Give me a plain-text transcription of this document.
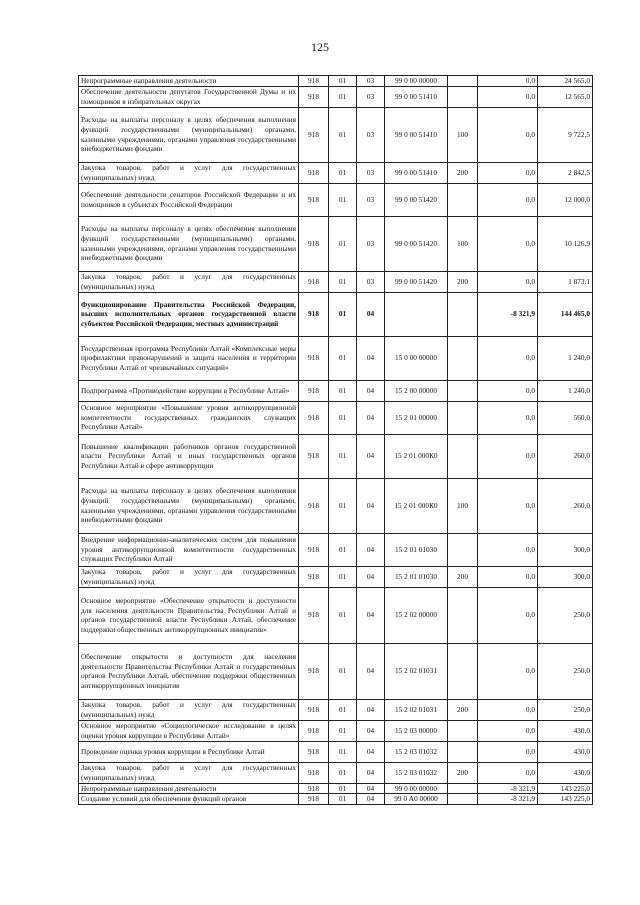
125
Непрограммные направления деятельности	918	01	03	99 0 00 00000		0,0	24 565,0
Обеспечение деятельности депутатов Государственной Думы и их помощников в избирательных округах	918	01	03	99 0 00 51410		0,0	12 565,0
Расходы на выплаты персоналу в целях обеспечения выполнения функций государственными (муниципальными) органами, казенными учреждениями, органами управления государственными внебюджетными фондами	918	01	03	99 0 00 51410	100	0,0	9 722,5
Закупка товаров, работ и услуг для государственных (муниципальных) нужд	918	01	03	99 0 00 51410	200	0,0	2 842,5
Обеспечение деятельности сенаторов Российской Федерации и их помощников в субъектах Российской Федерации	918	01	03	99 0 00 51420		0,0	12 000,0
Расходы на выплаты персоналу в целях обеспечения выполнения функций государственными (муниципальными) органами, казенными учреждениями, органами управления государственными внебюджетными фондами	918	01	03	99 0 00 51420	100	0,0	10 126,9
Закупка товаров, работ и услуг для государственных (муниципальных) нужд	918	01	03	99 0 00 51420	200	0,0	1 873,1
Функционирование Правительства Российской Федерации, высших исполнительных органов государственной власти субъектов Российской Федерации, местных администраций	918	01	04			-8 321,9	144 465,0
Государственная программа Республики Алтай «Комплексные меры профилактики правонарушений и защита населения и территории Республики Алтай от чрезвычайных ситуаций»	918	01	04	15 0 00 00000		0,0	1 240,0
Подпрограмма «Противодействие коррупции в Республике Алтай»	918	01	04	15 2 00 00000		0,0	1 240,0
Основное мероприятие «Повышение уровня антикоррупционной компетентности государственных гражданских служащих Республики Алтай»	918	01	04	15 2 01 00000		0,0	560,0
Повышение квалификации работников органов государственной власти Республики Алтай и иных государственных органов Республики Алтай в сфере антикоррупции	918	01	04	15 2 01 000К0		0,0	260,0
Расходы на выплаты персоналу в целях обеспечения выполнения функций государственными (муниципальными) органами, казенными учреждениями, органами управления государственными внебюджетными фондами	918	01	04	15 2 01 000К0	100	0,0	260,0
Внедрение информационно-аналитических систем для повышения уровня антикоррупционной компетентности государственных служащих Республики Алтай	918	01	04	15 2 01 01030		0,0	300,0
Закупка товаров, работ и услуг для государственных (муниципальных) нужд	918	01	04	15 2 01 01030	200	0,0	300,0
Основное мероприятие «Обеспечение открытости и доступности для населения деятельности Правительства Республики Алтай и органов государственной власти Республики Алтай, обеспечение поддержки общественных антикоррупционных инициатив»	918	01	04	15 2 02 00000		0,0	250,0
Обеспечение открытости и доступности для населения деятельности Правительства Республики Алтай и государственных органов Республики Алтай, обеспечение поддержки общественных антикоррупционных инициатив	918	01	04	15 2 02 01031		0,0	250,0
Закупка товаров, работ и услуг для государственных (муниципальных) нужд	918	01	04	15 2 02 01031	200	0,0	250,0
Основное мероприятие «Социологическое исследование в целях оценки уровня коррупции в Республике Алтай»	918	01	04	15 2 03 00000		0,0	430,0
Проведение оценки уровня коррупции в Республике Алтай	918	01	04	15 2 03 01032		0,0	430,0
Закупка товаров, работ и услуг для государственных (муниципальных) нужд	918	01	04	15 2 03 01032	200	0,0	430,0
Непрограммные направления деятельности	918	01	04	99 0 00 00000		-8 321,9	143 225,0
Создание условий для обеспечения функций органов	918	01	04	99 0 А0 00000		-8 321,9	143 225,0
